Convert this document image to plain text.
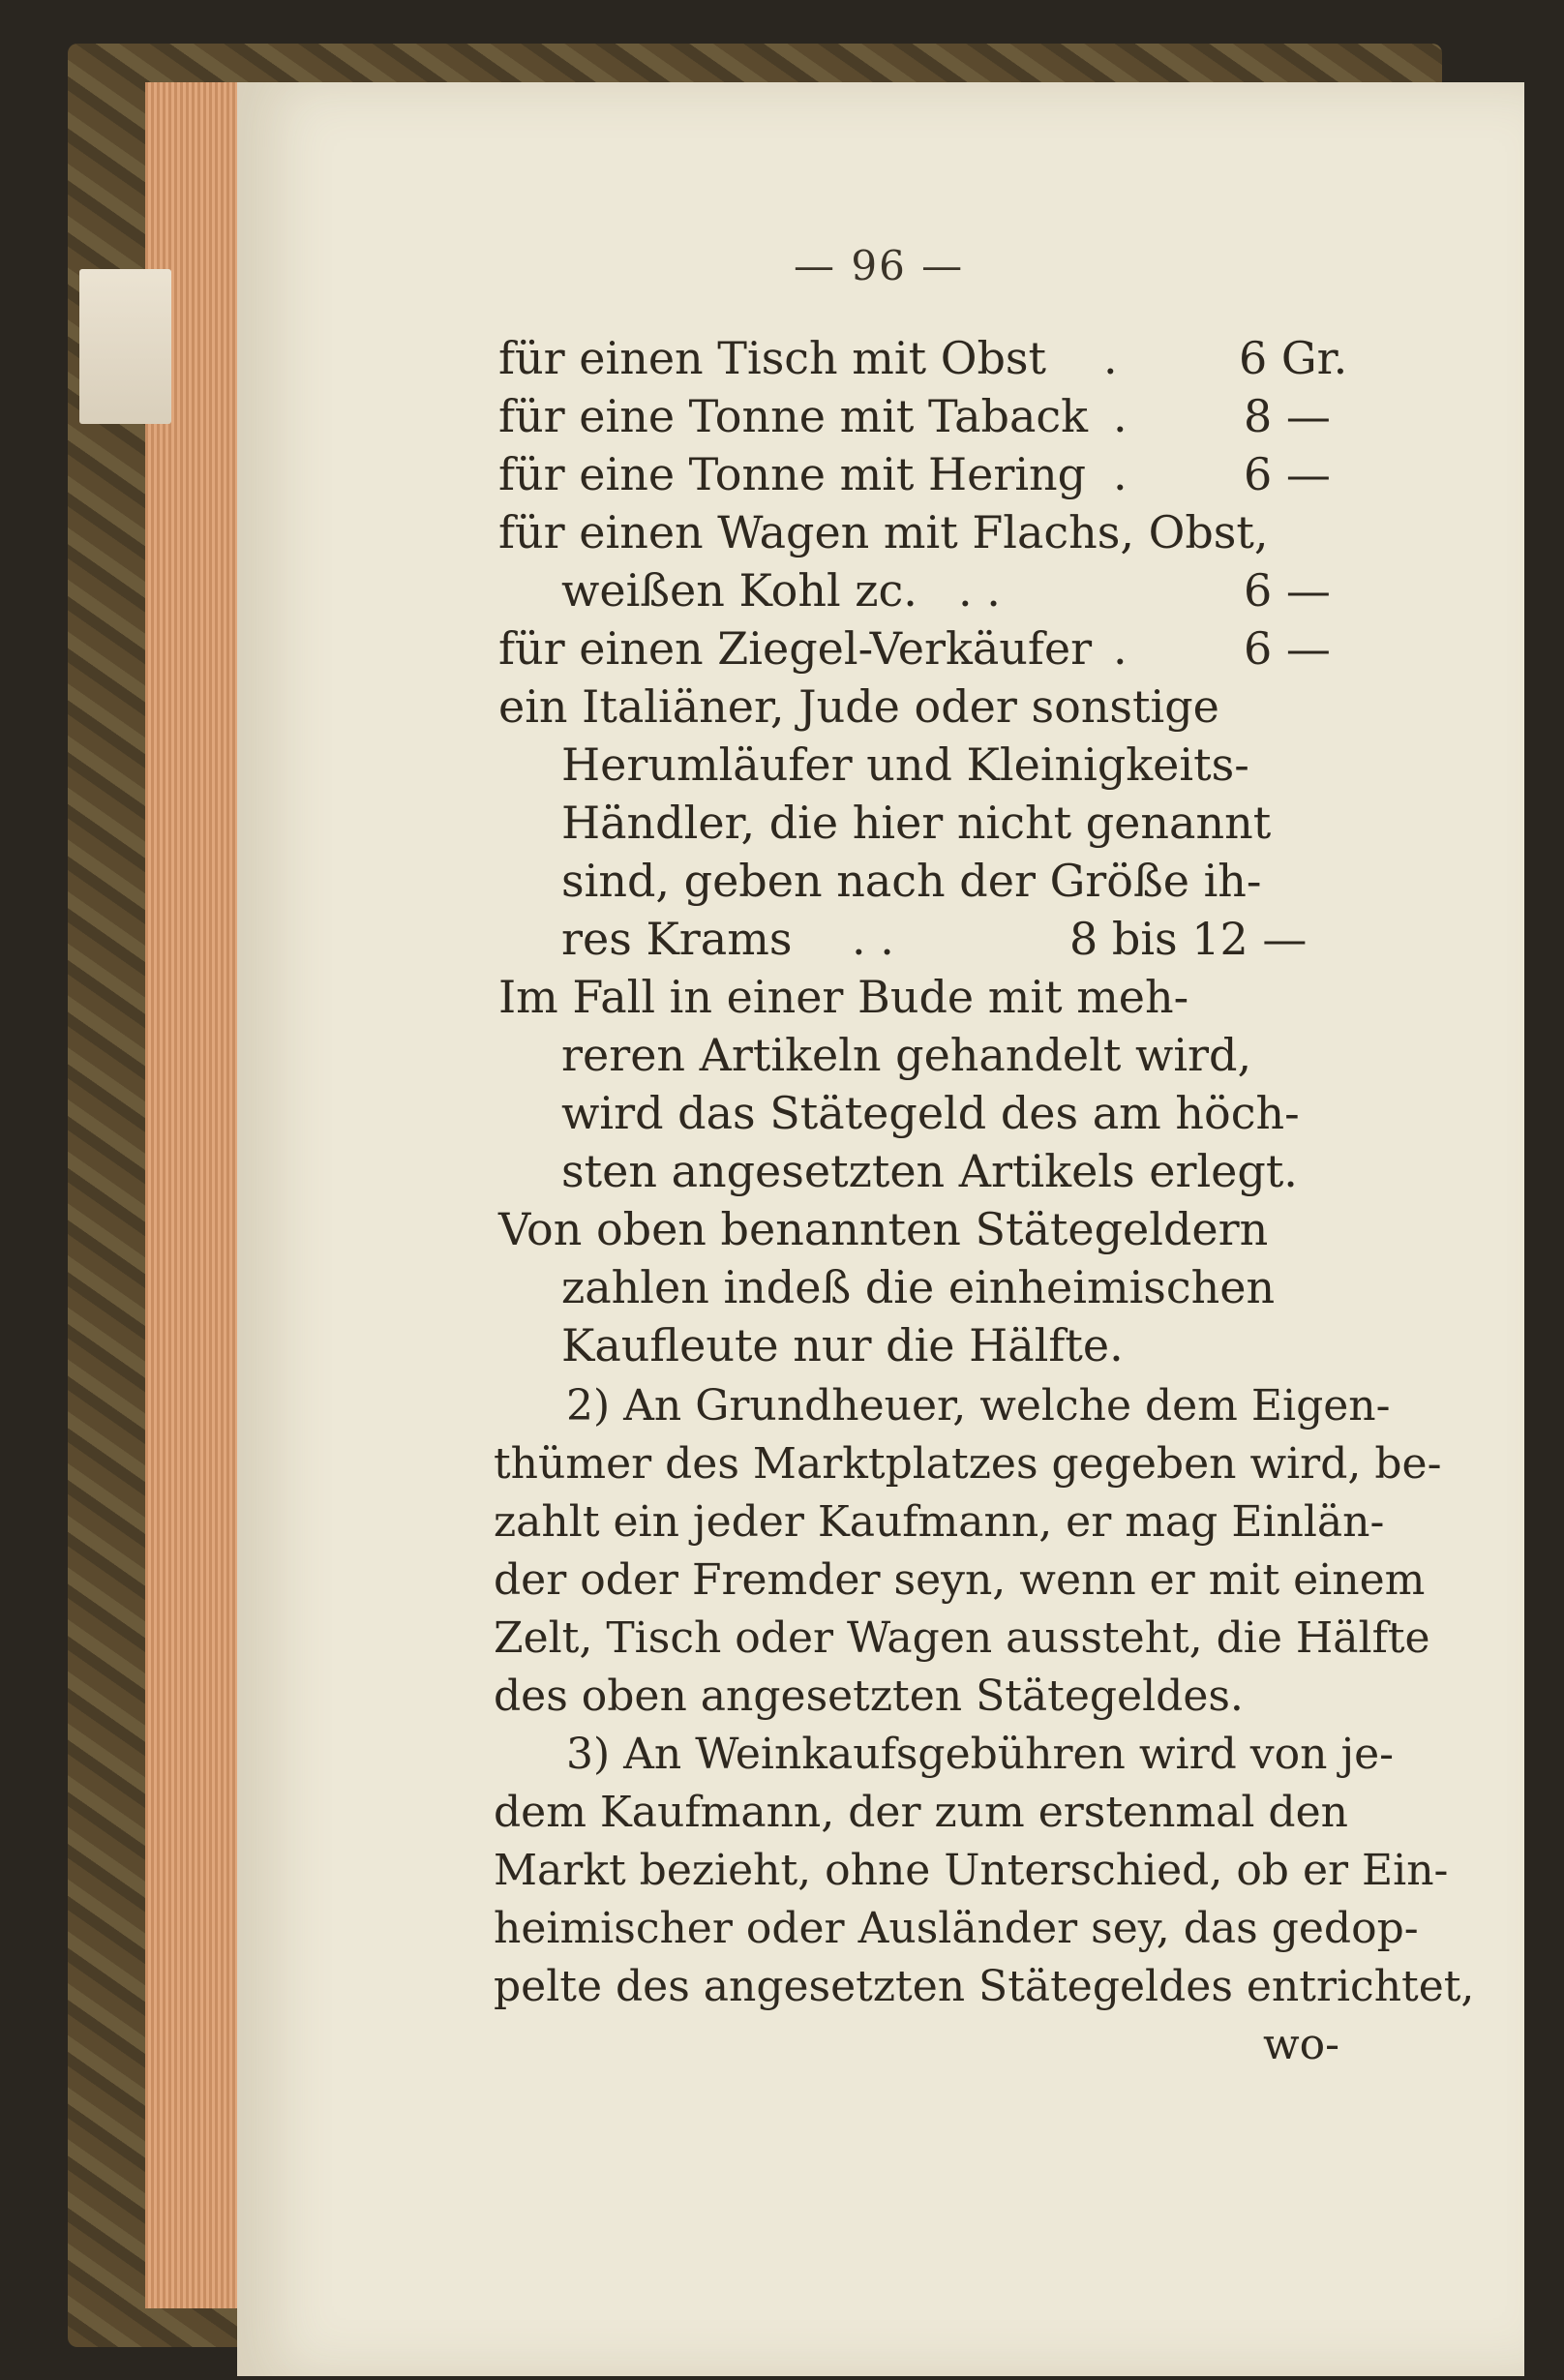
— 96 —
für einen Tisch mit Obst .	6 Gr.
für eine Tonne mit Taback .	8 —
für eine Tonne mit Hering .	6 —
für einen Wagen mit Flachs, Obst,
weißen Kohl zc. . .	6 —
für einen Ziegel-Verkäufer .	6 —
ein Italiäner, Jude oder sonstige
Herumläufer und Kleinigkeits-
Händler, die hier nicht genannt
sind, geben nach der Größe ih-
res Krams . .	8 bis 12 —
Im Fall in einer Bude mit meh-
reren Artikeln gehandelt wird,
wird das Stätegeld des am höch-
sten angesetzten Artikels erlegt.
Von oben benannten Stätegeldern
zahlen indeß die einheimischen
Kaufleute nur die Hälfte.
2) An Grundheuer, welche dem Eigen-
thümer des Marktplatzes gegeben wird, be-
zahlt ein jeder Kaufmann, er mag Einlän-
der oder Fremder seyn, wenn er mit einem
Zelt, Tisch oder Wagen aussteht, die Hälfte
des oben angesetzten Stätegeldes.
3) An Weinkaufsgebühren wird von je-
dem Kaufmann, der zum erstenmal den
Markt bezieht, ohne Unterschied, ob er Ein-
heimischer oder Ausländer sey, das gedop-
pelte des angesetzten Stätegeldes entrichtet,
wo-
